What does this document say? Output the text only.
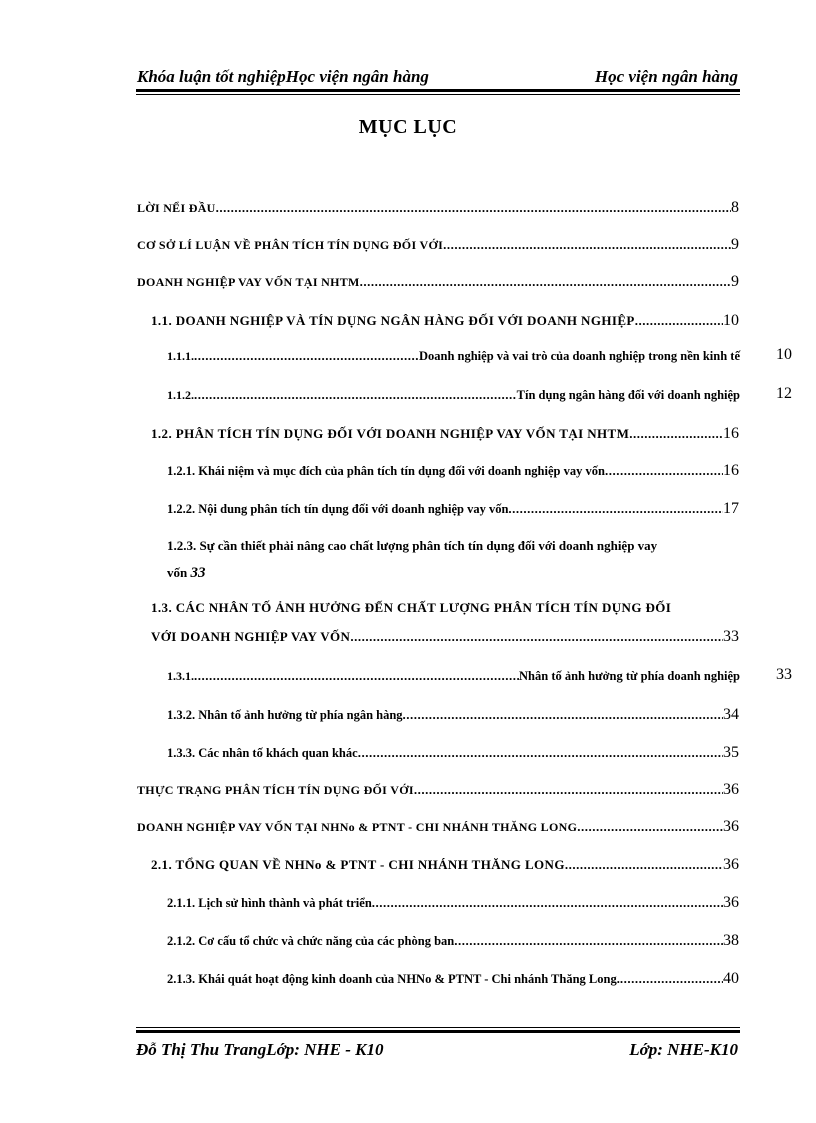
Khóa luận tốt nghiệpHọc viện ngân hàng	Học viện ngân hàng
MỤC LỤC
LỜI NỂI ĐẦU .....	8
CƠ SỞ LÍ LUẬN VỀ PHÂN TÍCH TÍN DỤNG ĐỐI VỚI .....	9
DOANH NGHIỆP VAY VỐN TẠI NHTM .....	9
1.1. DOANH NGHIỆP VÀ TÍN DỤNG NGÂN HÀNG ĐỐI VỚI DOANH NGHIỆP .....	10
1.1.1. .....	Doanh nghiệp và vai trò của doanh nghiệp trong nền kinh tế 10
1.1.2. .....	Tín dụng ngân hàng đối với doanh nghiệp 12
1.2. PHÂN TÍCH TÍN DỤNG ĐỐI VỚI DOANH NGHIỆP VAY VỐN TẠI NHTM .....	16
1.2.1. Khái niệm và mục đích của phân tích tín dụng đối với doanh nghiệp vay vốn .....	16
1.2.2. Nội dung phân tích tín dụng đối với doanh nghiệp vay vốn .....	17
1.2.3. Sự cần thiết phải nâng cao chất lượng phân tích tín dụng đối với doanh nghiệp vay
vốn 33
1.3. CÁC NHÂN TỐ ẢNH HƯỞNG ĐẾN CHẤT LƯỢNG PHÂN TÍCH TÍN DỤNG ĐỐI
VỚI DOANH NGHIỆP VAY VỐN .....	33
1.3.1. .....	Nhân tố ảnh hưởng từ phía doanh nghiệp 33
1.3.2. Nhân tố ảnh hưởng từ phía ngân hàng .....	34
1.3.3. Các nhân tố khách quan khác .....	35
THỰC TRẠNG PHÂN TÍCH TÍN DỤNG ĐỐI VỚI .....	36
DOANH NGHIỆP VAY VỐN TẠI NHNo & PTNT - CHI NHÁNH THĂNG LONG .....	36
2.1. TỔNG QUAN VỀ NHNo & PTNT - CHI NHÁNH THĂNG LONG .....	36
2.1.1. Lịch sử hình thành và phát triển .....	36
2.1.2. Cơ cấu tổ chức và chức năng của các phòng ban .....	38
2.1.3. Khái quát hoạt động kinh doanh của NHNo & PTNT - Chi nhánh Thăng Long. .....	40
Đỗ Thị Thu TrangLớp: NHE - K10	Lớp: NHE-K10
